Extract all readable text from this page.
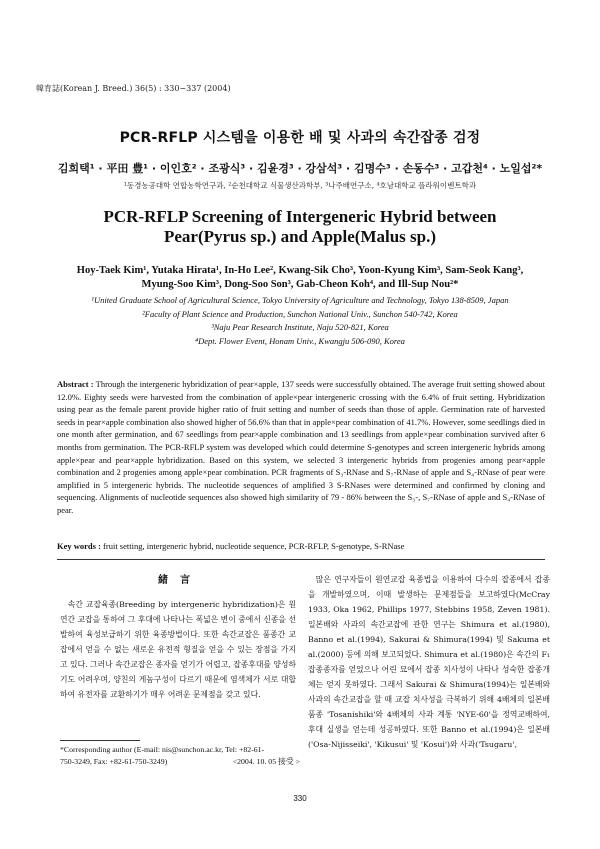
韓育誌(Korean J. Breed.) 36(5) : 330~337 (2004)
PCR-RFLP 시스템을 이용한 배 및 사과의 속간잡종 검정
김희택¹ · 平田 豊¹ · 이인호² · 조광식³ · 김윤경³ · 강삼석³ · 김명수³ · 손동수³ · 고갑천⁴ · 노일섭²*
¹동경농공대학 연합농학연구과, ²순천대학교 식물생산과학부, ³나주배연구소, ⁴호남대학교 플라워이벤트학과
PCR-RFLP Screening of Intergeneric Hybrid between
Pear(Pyrus sp.) and Apple(Malus sp.)
Hoy-Taek Kim¹, Yutaka Hirata¹, In-Ho Lee², Kwang-Sik Cho³, Yoon-Kyung Kim³, Sam-Seok Kang³,
Myung-Soo Kim³, Dong-Soo Son³, Gab-Cheon Koh⁴, and Ill-Sup Nou²*
¹United Graduate School of Agricultural Science, Tokyo University of Agriculture and Technology, Tokyo 138-8509, Japan
²Faculty of Plant Science and Production, Sunchon National Univ., Sunchon 540-742, Korea
³Naju Pear Research Institute, Naju 520-821, Korea
⁴Dept. Flower Event, Honam Univ., Kwangju 506-090, Korea
Abstract : Through the intergeneric hybridization of pear×apple, 137 seeds were successfully obtained. The average fruit setting showed about 12.0%. Eighty seeds were harvested from the combination of apple×pear intergeneric crossing with the 6.4% of fruit setting. Hybridization using pear as the female parent provide higher ratio of fruit setting and number of seeds than those of apple. Germination rate of harvested seeds in pear×apple combination also showed higher of 56.6% than that in apple×pear combination of 41.7%. However, some seedlings died in one month after germination, and 67 seedlings from pear×apple combination and 13 seedlings from apple×pear combination survived after 6 months from germination. The PCR-RFLP system was developed which could determine S-genotypes and screen intergeneric hybrids among apple×pear and pear×apple hybridization. Based on this system, we selected 3 intergeneric hybrids from progenies among pear×apple combination and 2 progenies among apple×pear combination. PCR fragments of S₃-RNase and S₇-RNase of apple and S₄-RNase of pear were amplified in 5 intergeneric hybrids. The nucleotide sequences of amplified 3 S-RNases were determined and confirmed by cloning and sequencing. Alignments of nucleotide sequences also showed high similarity of 79 - 86% between the S₃-, S₇-RNase of apple and S₄-RNase of pear.
Key words : fruit setting, intergeneric hybrid, nucleotide sequence, PCR-RFLP, S-genotype, S-RNase
緒言
속간 교잡육종(Breeding by intergeneric hybridization)은 원연간 교잡을 통하여 그 후대에 나타나는 폭넓은 변이 중에서 신종을 선발하여 육성보급하기 위한 육종방법이다. 또한 속간교잡은 품종간 교잡에서 얻을 수 없는 새로운 유전적 형질을 얻을 수 있는 장점을 가지고 있다. 그러나 속간교잡은 종자를 얻기가 어렵고, 잡종후대를 양성하기도 어려우며, 양친의 게놈구성이 다르기 때문에 염색체가 서로 대합하여 유전자를 교환하기가 매우 어려운 문제점을 갖고 있다.
많은 연구자들이 원연교잡 육종법을 이용하여 다수의 잡종에서 잡종을 개발하였으며, 이때 발생하는 문제점들을 보고하였다(McCray 1933, Oka 1962, Phillips 1977, Stebbins 1958, Zeven 1981). 일본배와 사과의 속간교잡에 관한 연구는 Shimura et al.(1980), Banno et al.(1994), Sakurai & Shimura(1994) 및 Sakuma et al.(2000) 등에 의해 보고되었다. Shimura et al.(1980)은 속간의 F₁ 잡종종자를 얻었으나 어린 묘에서 잡종 치사성이 나타나 성숙한 잡종개체는 얻지 못하였다. 그래서 Sakurai & Shimura(1994)는 일본배와 사과의 속간교잡을 할 때 교잡 치사성을 극복하기 위해 4배체의 일본배 품종 'Tosanishiki'와 4배체의 사과 계통 'NYE-60'을 정역교배하여, 후대 실생을 얻는데 성공하였다. 또한 Banno et al.(1994)은 일본배('Osa-Nijisseiki', 'Kikusui' 및 'Kosui')와 사과('Tsugaru',
*Corresponding author (E-mail: nis@sunchon.ac.kr, Tel: +82-61-
750-3249, Fax: +82-61-750-3249)	<2004. 10. 05 接受 >
330
